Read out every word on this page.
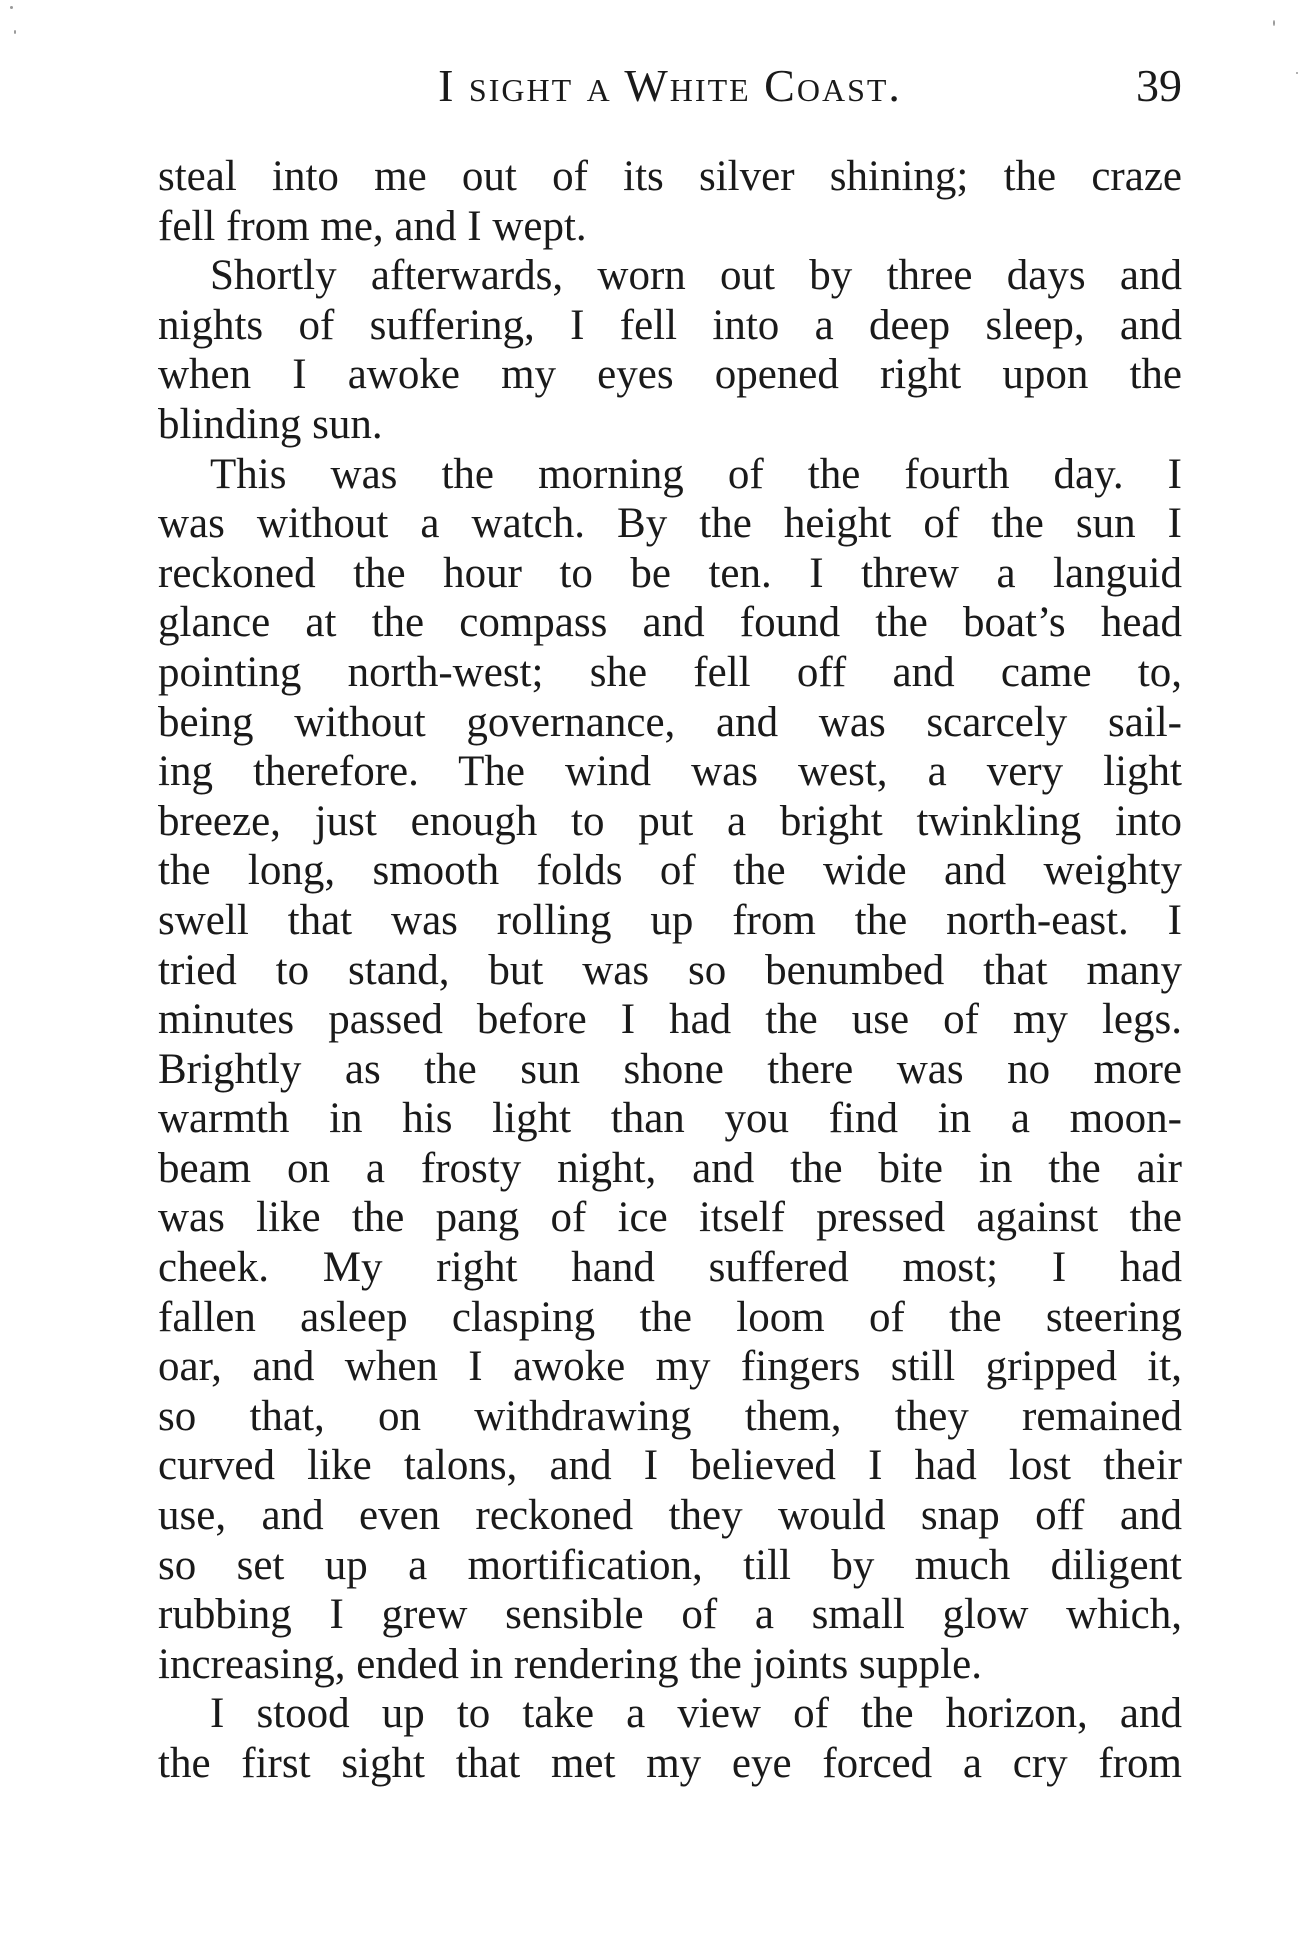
I sight a White Coast.	39
steal into me out of its silver shining; the craze
fell from me, and I wept.
Shortly afterwards, worn out by three days and
nights of suffering, I fell into a deep sleep, and
when I awoke my eyes opened right upon the
blinding sun.
This was the morning of the fourth day. I
was without a watch. By the height of the sun I
reckoned the hour to be ten. I threw a languid
glance at the compass and found the boat’s head
pointing north-west; she fell off and came to,
being without governance, and was scarcely sail-
ing therefore. The wind was west, a very light
breeze, just enough to put a bright twinkling into
the long, smooth folds of the wide and weighty
swell that was rolling up from the north-east. I
tried to stand, but was so benumbed that many
minutes passed before I had the use of my legs.
Brightly as the sun shone there was no more
warmth in his light than you find in a moon-
beam on a frosty night, and the bite in the air
was like the pang of ice itself pressed against the
cheek. My right hand suffered most; I had
fallen asleep clasping the loom of the steering
oar, and when I awoke my fingers still gripped it,
so that, on withdrawing them, they remained
curved like talons, and I believed I had lost their
use, and even reckoned they would snap off and
so set up a mortification, till by much diligent
rubbing I grew sensible of a small glow which,
increasing, ended in rendering the joints supple.
I stood up to take a view of the horizon, and
the first sight that met my eye forced a cry from
